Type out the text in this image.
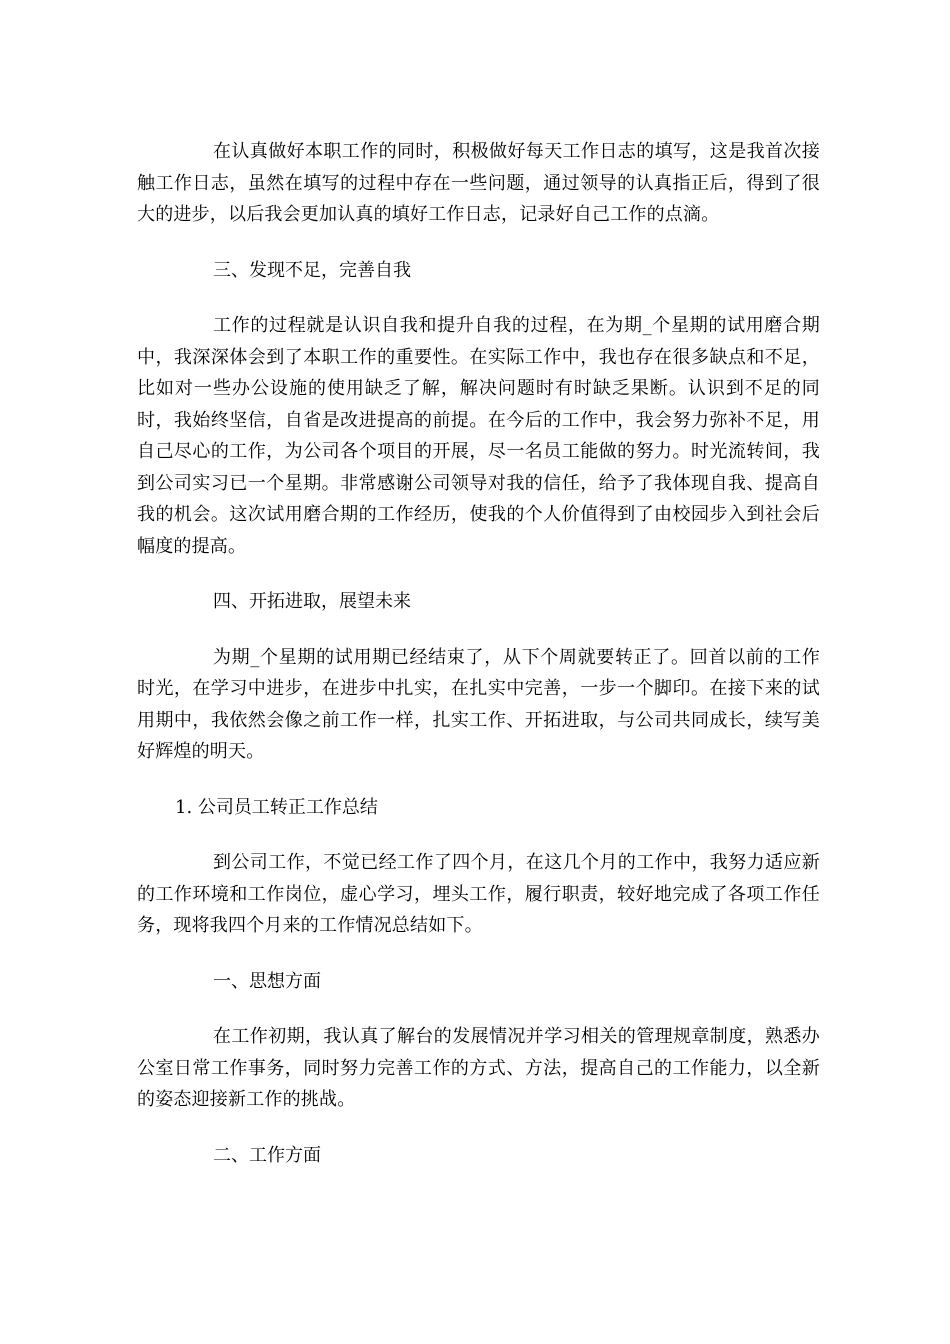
在认真做好本职工作的同时，积极做好每天工作日志的填写，这是我首次接触工作日志，虽然在填写的过程中存在一些问题，通过领导的认真指正后，得到了很大的进步，以后我会更加认真的填好工作日志，记录好自己工作的点滴。

三、发现不足，完善自我

工作的过程就是认识自我和提升自我的过程，在为期_个星期的试用磨合期中，我深深体会到了本职工作的重要性。在实际工作中，我也存在很多缺点和不足，比如对一些办公设施的使用缺乏了解，解决问题时有时缺乏果断。认识到不足的同时，我始终坚信，自省是改进提高的前提。在今后的工作中，我会努力弥补不足，用自己尽心的工作，为公司各个项目的开展，尽一名员工能做的努力。时光流转间，我到公司实习已一个星期。非常感谢公司领导对我的信任，给予了我体现自我、提高自我的机会。这次试用磨合期的工作经历，使我的个人价值得到了由校园步入到社会后幅度的提高。

四、开拓进取，展望未来

为期_个星期的试用期已经结束了，从下个周就要转正了。回首以前的工作时光，在学习中进步，在进步中扎实，在扎实中完善，一步一个脚印。在接下来的试用期中，我依然会像之前工作一样，扎实工作、开拓进取，与公司共同成长，续写美好辉煌的明天。

1. 公司员工转正工作总结

到公司工作，不觉已经工作了四个月，在这几个月的工作中，我努力适应新的工作环境和工作岗位，虚心学习，埋头工作，履行职责，较好地完成了各项工作任务，现将我四个月来的工作情况总结如下。

一、思想方面

在工作初期，我认真了解台的发展情况并学习相关的管理规章制度，熟悉办公室日常工作事务，同时努力完善工作的方式、方法，提高自己的工作能力，以全新的姿态迎接新工作的挑战。

二、工作方面
